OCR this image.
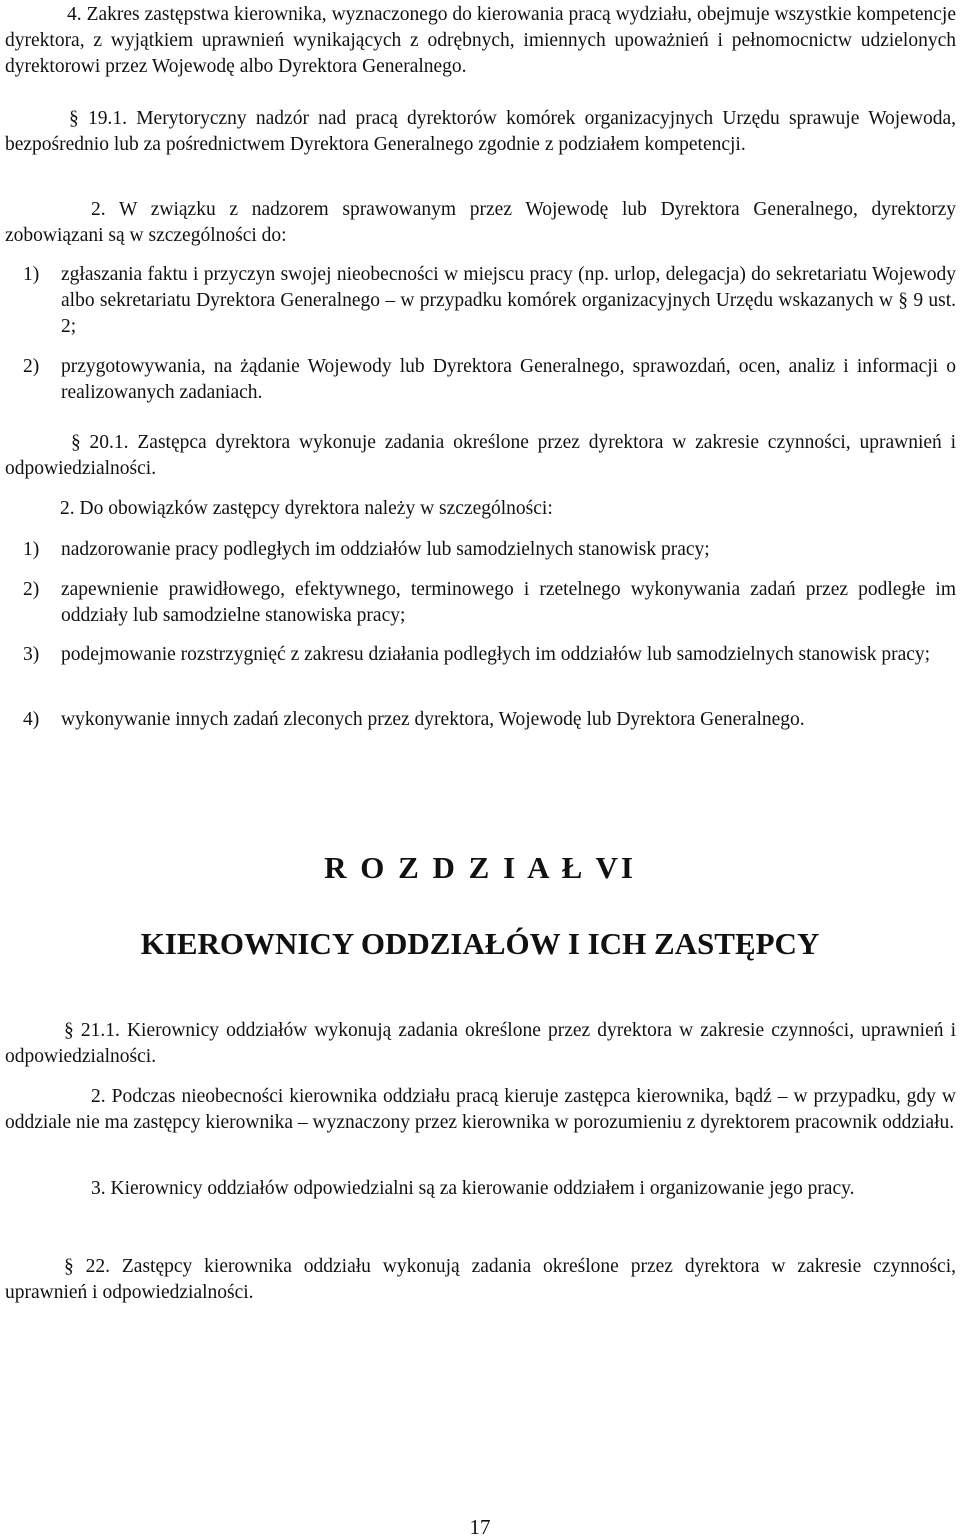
4. Zakres zastępstwa kierownika, wyznaczonego do kierowania pracą wydziału, obejmuje wszystkie kompetencje dyrektora, z wyjątkiem uprawnień wynikających z odrębnych, imiennych upoważnień i pełnomocnictw udzielonych dyrektorowi przez Wojewodę albo Dyrektora Generalnego.

§ 19.1. Merytoryczny nadzór nad pracą dyrektorów komórek organizacyjnych Urzędu sprawuje Wojewoda, bezpośrednio lub za pośrednictwem Dyrektora Generalnego zgodnie z podziałem kompetencji.

2. W związku z nadzorem sprawowanym przez Wojewodę lub Dyrektora Generalnego, dyrektorzy zobowiązani są w szczególności do:

1) zgłaszania faktu i przyczyn swojej nieobecności w miejscu pracy (np. urlop, delegacja) do sekretariatu Wojewody albo sekretariatu Dyrektora Generalnego – w przypadku komórek organizacyjnych Urzędu wskazanych w § 9 ust. 2;
2) przygotowywania, na żądanie Wojewody lub Dyrektora Generalnego, sprawozdań, ocen, analiz i informacji o realizowanych zadaniach.

§ 20.1. Zastępca dyrektora wykonuje zadania określone przez dyrektora w zakresie czynności, uprawnień i odpowiedzialności.

2. Do obowiązków zastępcy dyrektora należy w szczególności:

1) nadzorowanie pracy podległych im oddziałów lub samodzielnych stanowisk pracy;
2) zapewnienie prawidłowego, efektywnego, terminowego i rzetelnego wykonywania zadań przez podległe im oddziały lub samodzielne stanowiska pracy;
3) podejmowanie rozstrzygnięć z zakresu działania podległych im oddziałów lub samodzielnych stanowisk pracy;
4) wykonywanie innych zadań zleconych przez dyrektora, Wojewodę lub Dyrektora Generalnego.
R O Z D Z I A Ł VI
KIEROWNICY ODDZIAŁÓW I ICH ZASTĘPCY

§ 21.1. Kierownicy oddziałów wykonują zadania określone przez dyrektora w zakresie czynności, uprawnień i odpowiedzialności.

2. Podczas nieobecności kierownika oddziału pracą kieruje zastępca kierownika, bądź – w przypadku, gdy w oddziale nie ma zastępcy kierownika – wyznaczony przez kierownika w porozumieniu z dyrektorem pracownik oddziału.

3. Kierownicy oddziałów odpowiedzialni są za kierowanie oddziałem i organizowanie jego pracy.

§ 22. Zastępcy kierownika oddziału wykonują zadania określone przez dyrektora w zakresie czynności, uprawnień i odpowiedzialności.

17
